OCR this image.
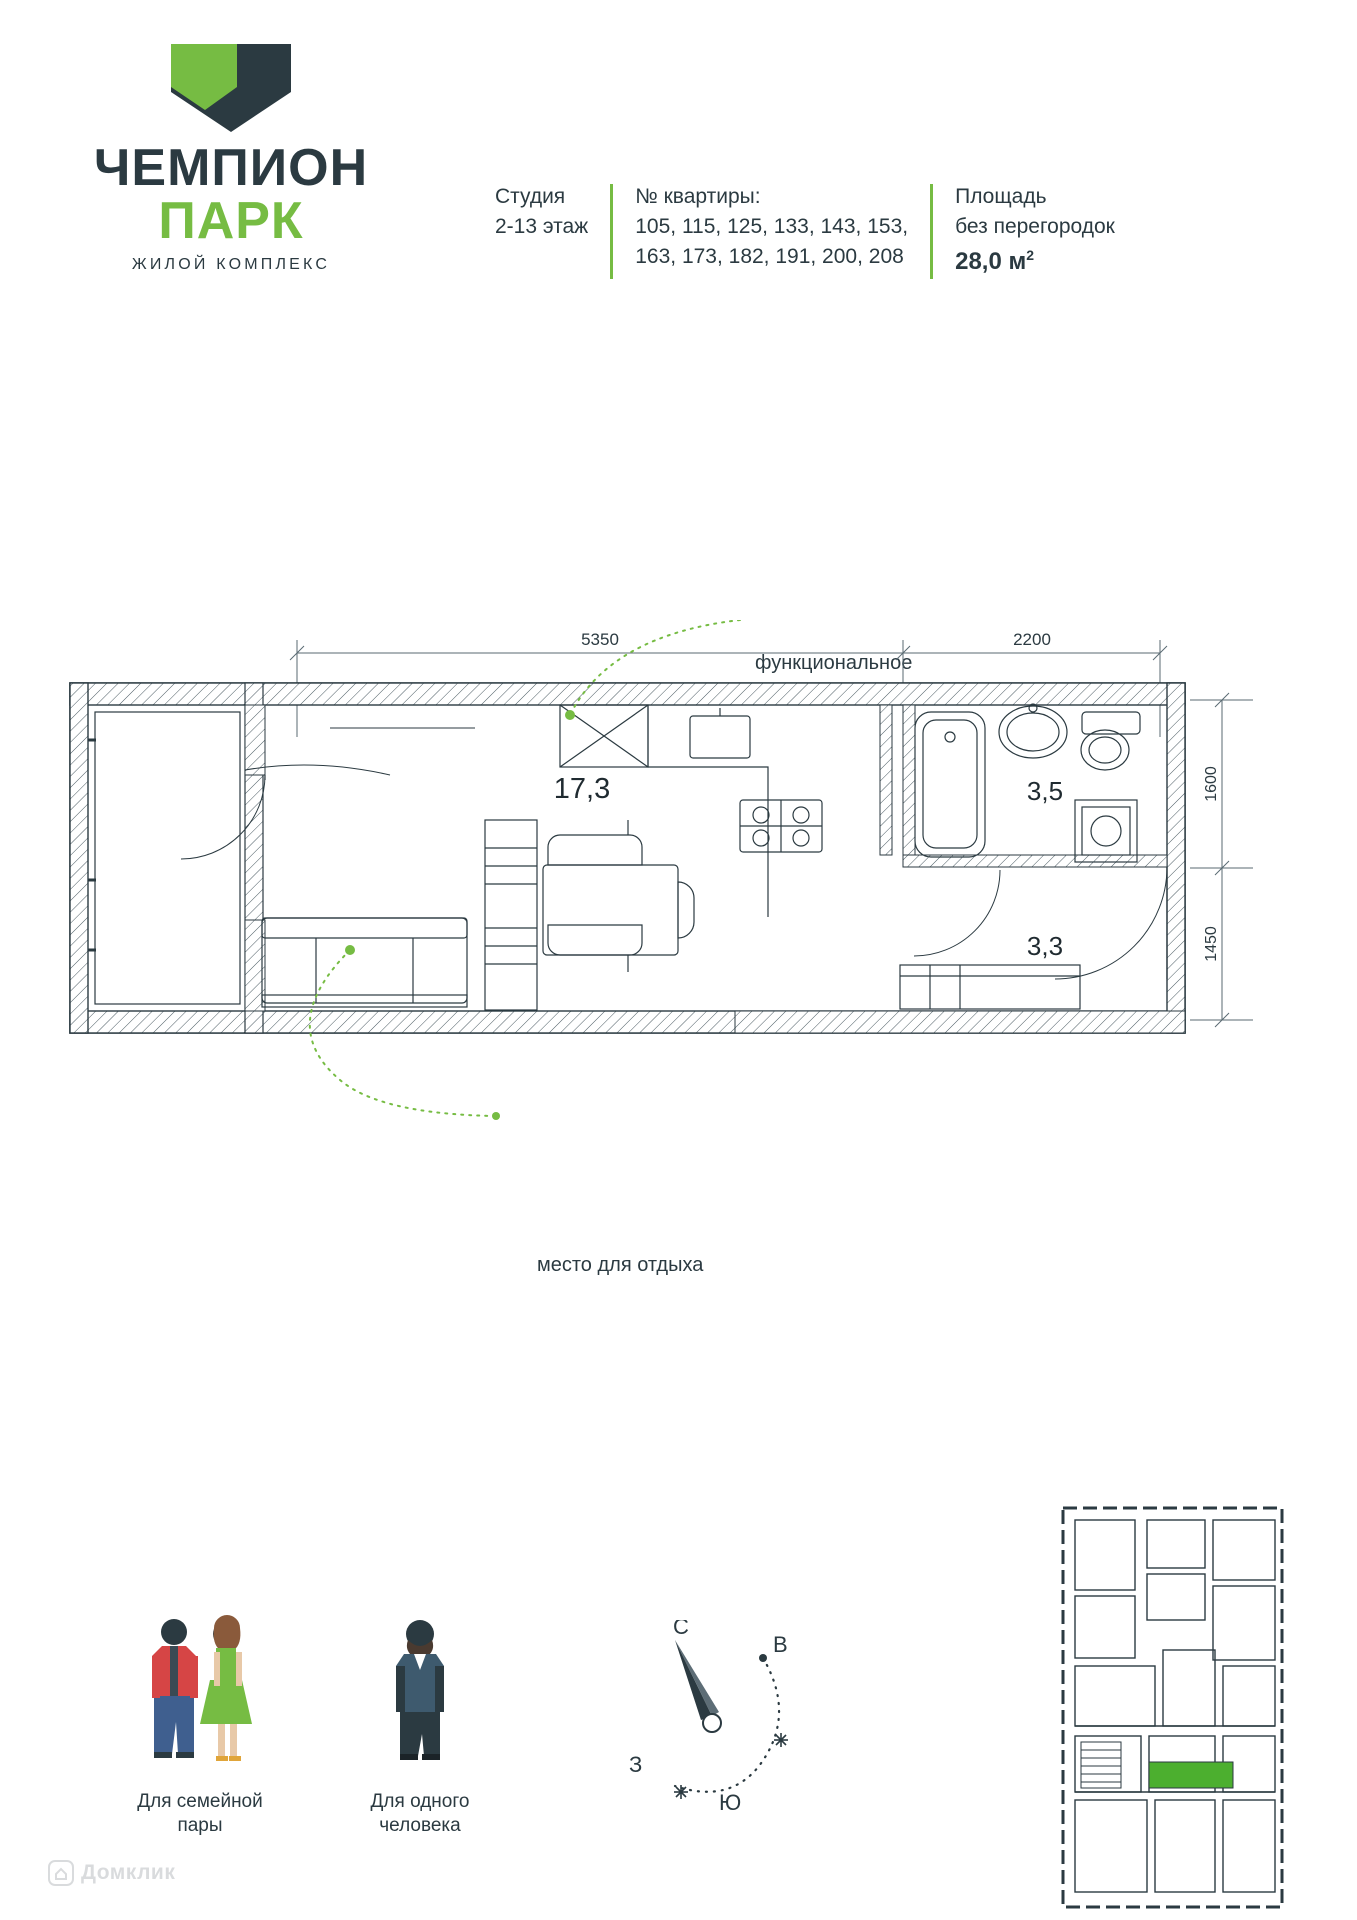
ЧЕМПИОН
ПАРК
ЖИЛОЙ КОМПЛЕКС
Студия
2-13 этаж
№ квартиры:
105, 115, 125, 133, 143, 153,
163, 173, 182, 191, 200, 208
Площадь
без перегородок
28,0 $м^2$
функциональное
место для отдыха
5350	2200
1600
1450
17,3	3,5
3,3
Для семейной
пары
Для одного
человека
С
В
З
Ю
Домклик
